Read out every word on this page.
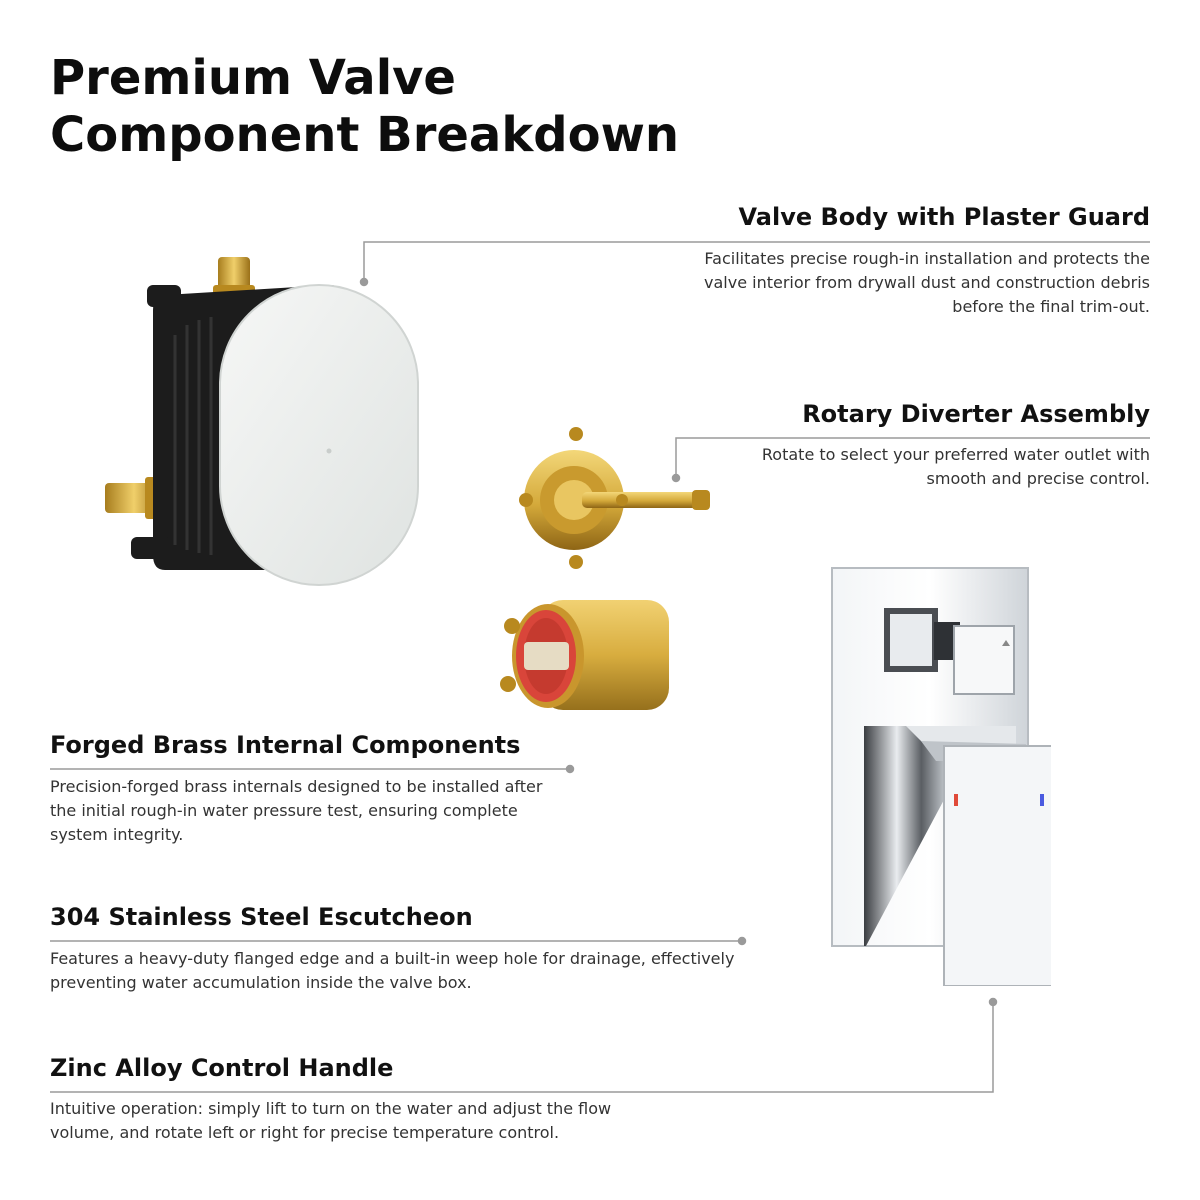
Premium Valve
Component Breakdown
Valve Body with Plaster Guard

Facilitates precise rough-in installation and protects the valve interior from drywall dust and construction debris before the final trim-out.

Rotary Diverter Assembly

Rotate to select your preferred water outlet with smooth and precise control.

Forged Brass Internal Components

Precision-forged brass internals designed to be installed after the initial rough-in water pressure test, ensuring complete system integrity.

304 Stainless Steel Escutcheon

Features a heavy-duty flanged edge and a built-in weep hole for drainage, effectively preventing water accumulation inside the valve box.

Zinc Alloy Control Handle

Intuitive operation: simply lift to turn on the water and adjust the flow volume, and rotate left or right for precise temperature control.
